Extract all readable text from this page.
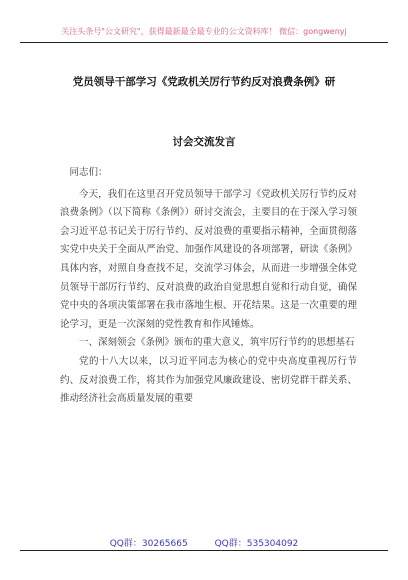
关注头条号"公文研究"，获得最新最全最专业的公文资料库！ 微信：gongwenyj
党员领导干部学习《党政机关厉行节约反对浪费条例》研
讨会交流发言

同志们：

今天，我们在这里召开党员领导干部学习《党政机关厉行节约反对浪费条例》（以下简称《条例》）研讨交流会，主要目的在于深入学习领会习近平总书记关于厉行节约、反对浪费的重要指示精神，全面贯彻落实党中央关于全面从严治党、加强作风建设的各项部署，研读《条例》具体内容，对照自身查找不足，交流学习体会，从而进一步增强全体党员领导干部厉行节约、反对浪费的政治自觉思想自觉和行动自觉，确保党中央的各项决策部署在我市落地生根、开花结果。这是一次重要的理论学习，更是一次深刻的党性教育和作风锤炼。

一、深刻领会《条例》颁布的重大意义，筑牢厉行节约的思想基石

党的十八大以来，以习近平同志为核心的党中央高度重视厉行节约、反对浪费工作，将其作为加强党风廉政建设、密切党群干群关系、推动经济社会高质量发展的重要

QQ群：30265665	QQ群：535304092
